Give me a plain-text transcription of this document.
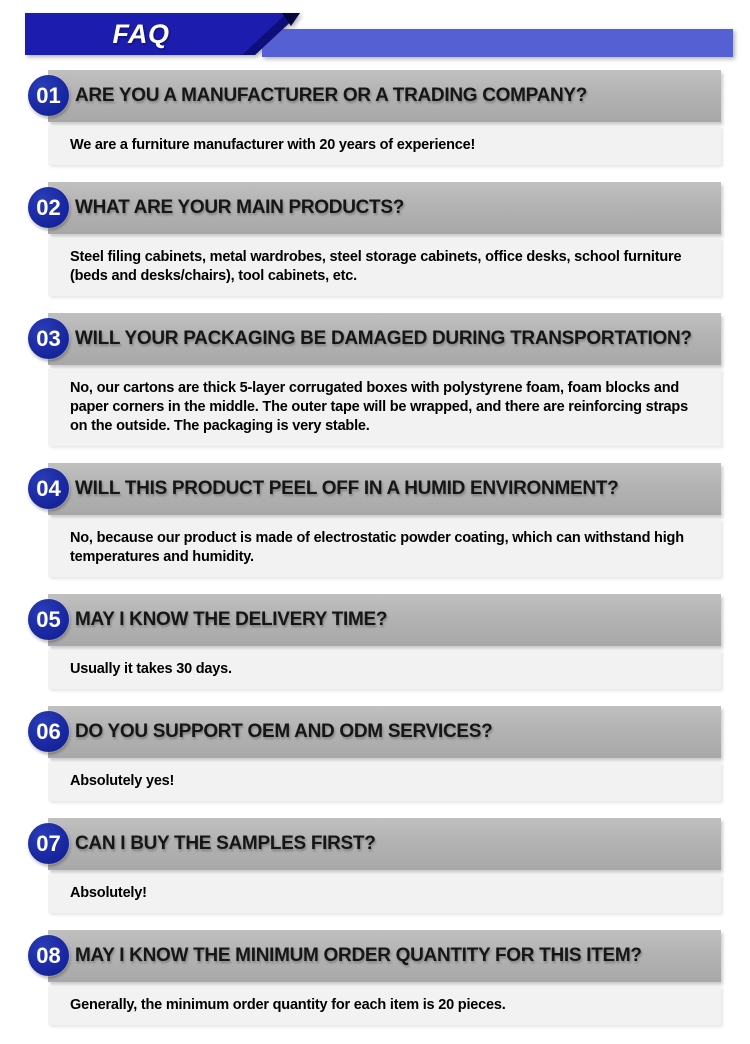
FAQ
01 ARE YOU A MANUFACTURER OR A TRADING COMPANY?
We are a furniture manufacturer with 20 years of experience!
02 WHAT ARE YOUR MAIN PRODUCTS?
Steel filing cabinets, metal wardrobes, steel storage cabinets, office desks, school furniture (beds and desks/chairs), tool cabinets, etc.
03 WILL YOUR PACKAGING BE DAMAGED DURING TRANSPORTATION?
No, our cartons are thick 5-layer corrugated boxes with polystyrene foam, foam blocks and paper corners in the middle. The outer tape will be wrapped, and there are reinforcing straps on the outside. The packaging is very stable.
04 WILL THIS PRODUCT PEEL OFF IN A HUMID ENVIRONMENT?
No, because our product is made of electrostatic powder coating, which can withstand high temperatures and humidity.
05 MAY I KNOW THE DELIVERY TIME?
Usually it takes 30 days.
06 DO YOU SUPPORT OEM AND ODM SERVICES?
Absolutely yes!
07 CAN I BUY THE SAMPLES FIRST?
Absolutely!
08 MAY I KNOW THE MINIMUM ORDER QUANTITY FOR THIS ITEM?
Generally, the minimum order quantity for each item is 20 pieces.
